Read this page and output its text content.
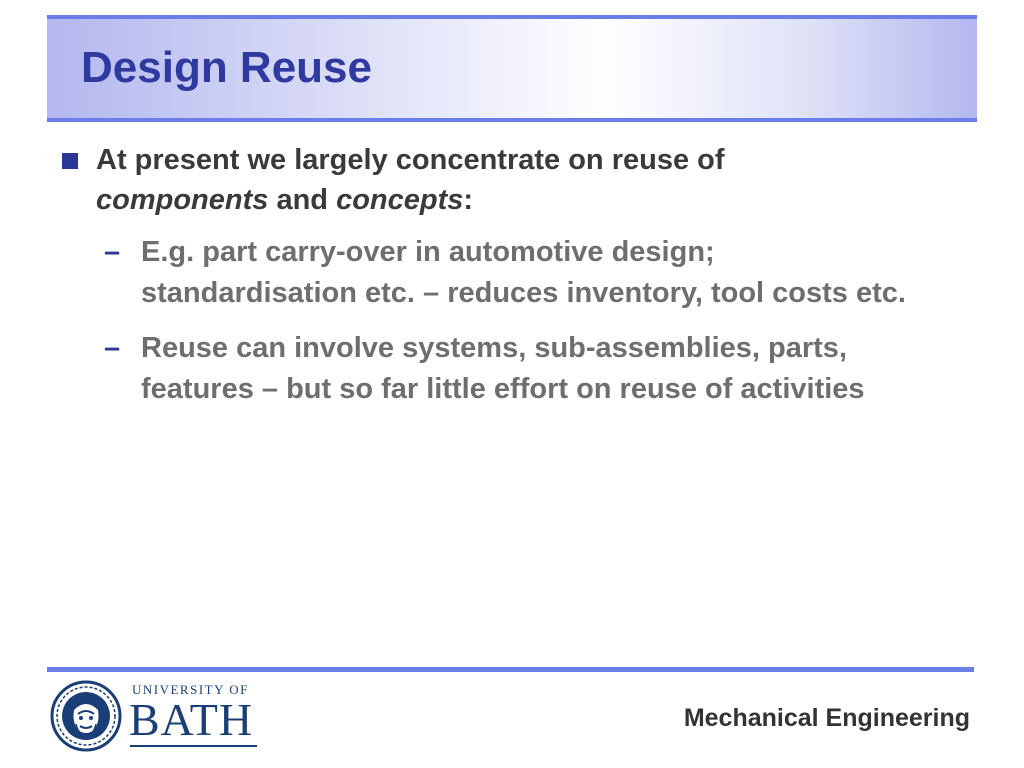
Design Reuse
At present we largely concentrate on reuse of
components and concepts:
– E.g. part carry-over in automotive design; standardisation etc. – reduces inventory, tool costs etc.
– Reuse can involve systems, sub-assemblies, parts, features – but so far little effort on reuse of activities
UNIVERSITY OF
BATH	Mechanical Engineering
